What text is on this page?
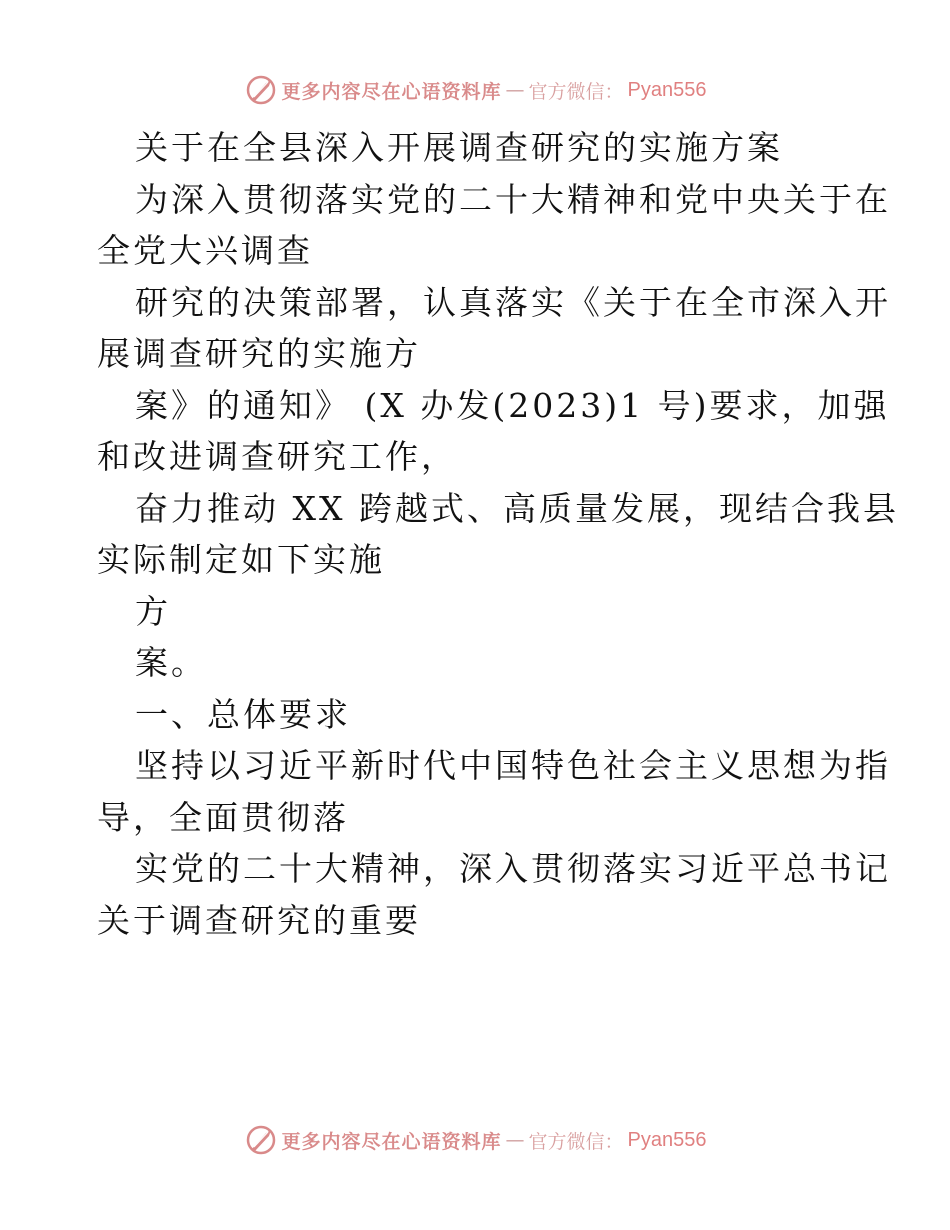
更多内容尽在心语资料库 — 官方微信： Pyan556
关于在全县深入开展调查研究的实施方案
为深入贯彻落实党的二十大精神和党中央关于在
全党大兴调查
研究的决策部署，认真落实《关于在全市深入开
展调查研究的实施方
案》的通知》 (X 办发(2023)1 号)要求，加强
和改进调查研究工作，
奋力推动 XX 跨越式、高质量发展，现结合我县
实际制定如下实施
方
案。
一、总体要求
坚持以习近平新时代中国特色社会主义思想为指
导，全面贯彻落
实党的二十大精神，深入贯彻落实习近平总书记
关于调查研究的重要
更多内容尽在心语资料库 — 官方微信： Pyan556
